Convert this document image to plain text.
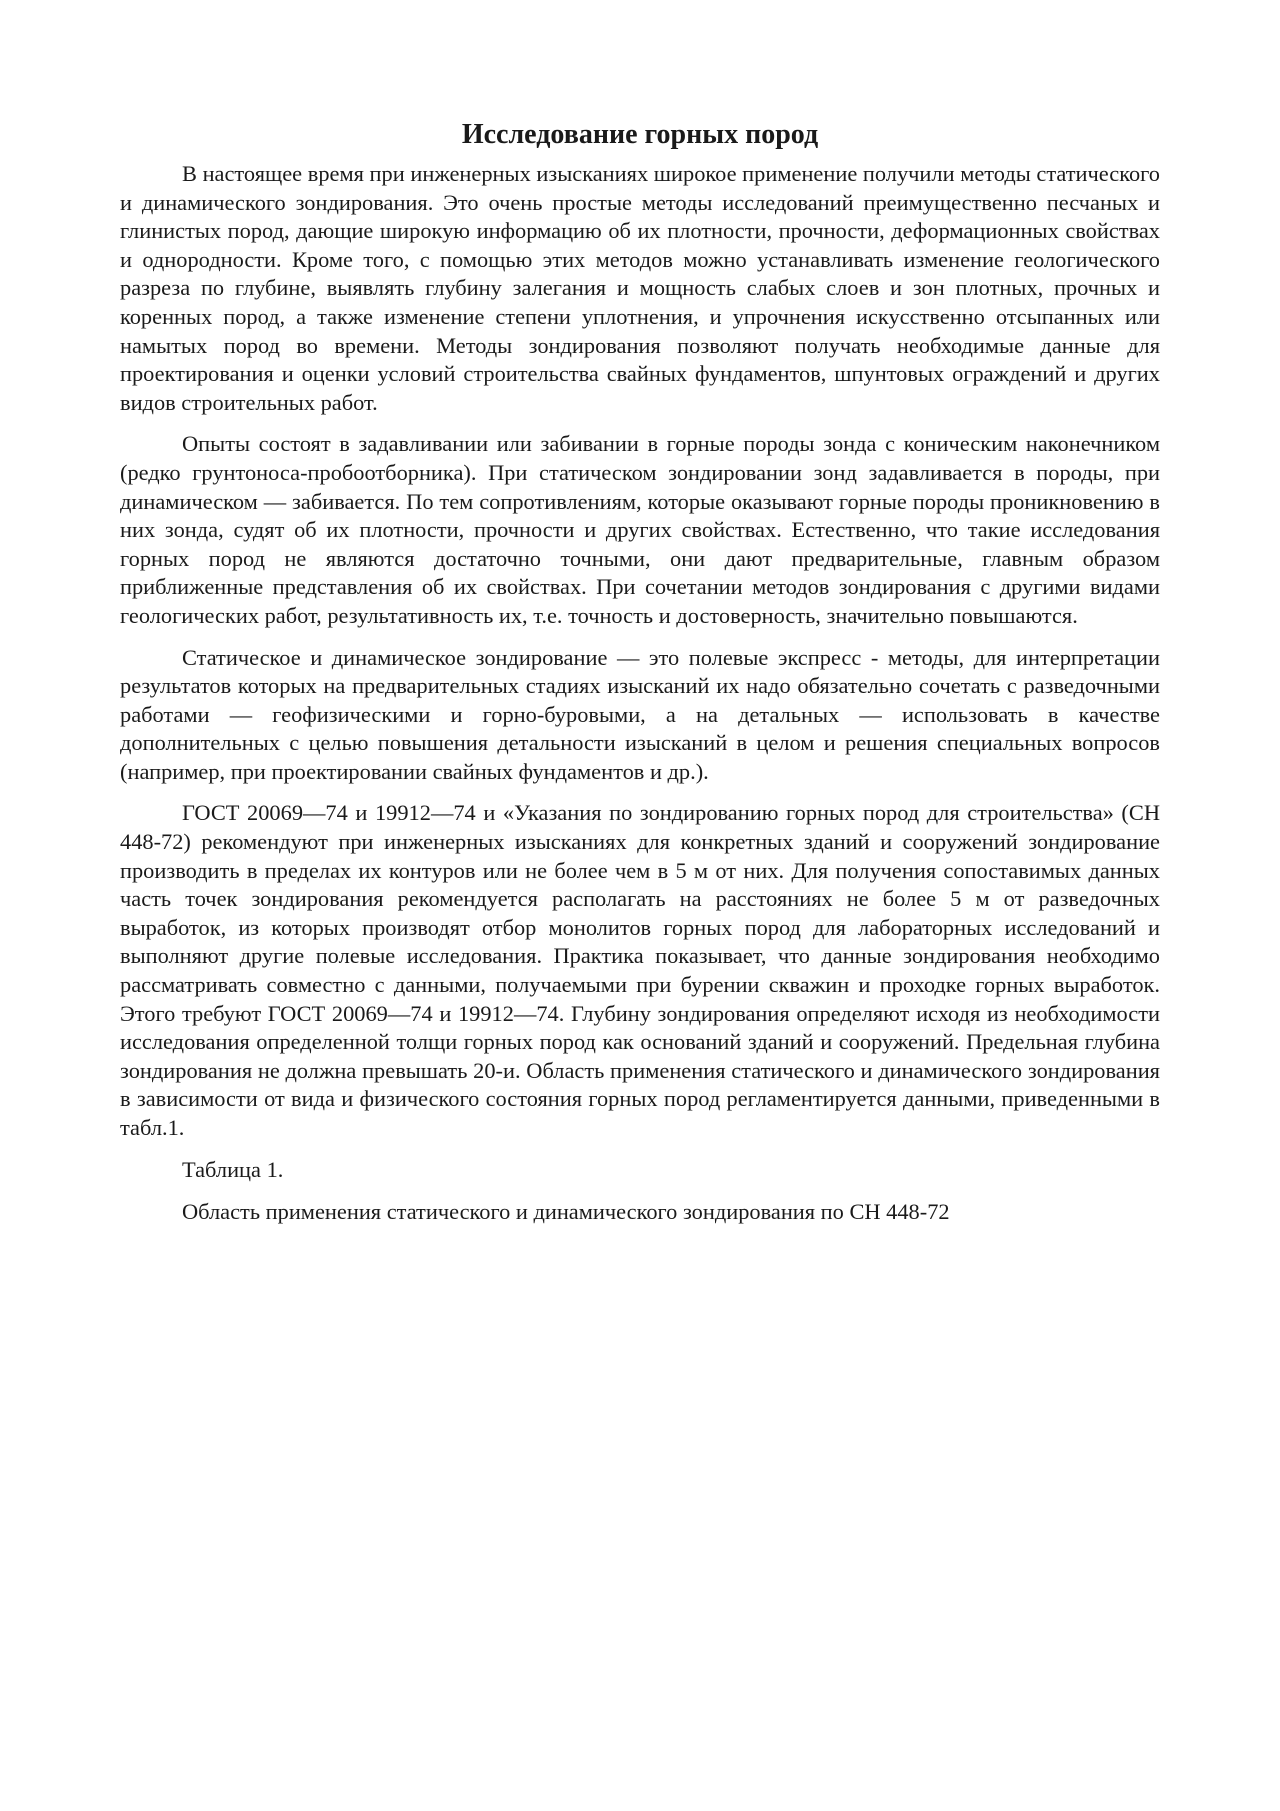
Исследование горных пород

В настоящее время при инженерных изысканиях широкое применение получили методы статического и динамического зондирования. Это очень простые методы исследований преимущественно песчаных и глинистых пород, дающие широкую информацию об их плотности, прочности, деформационных свойствах и однородности. Кроме того, с помощью этих методов можно устанавливать изменение геологического разреза по глубине, выявлять глубину залегания и мощность слабых слоев и зон плотных, прочных и коренных пород, а также изменение степени уплотнения, и упрочнения искусственно отсыпанных или намытых пород во времени. Методы зондирования позволяют получать необходимые данные для проектирования и оценки условий строительства свайных фундаментов, шпунтовых ограждений и других видов строительных работ.

Опыты состоят в задавливании или забивании в горные породы зонда с коническим наконечником (редко грунтоноса-пробоотборника). При статическом зондировании зонд задавливается в породы, при динамическом — забивается. По тем сопротивлениям, которые оказывают горные породы проникновению в них зонда, судят об их плотности, прочности и других свойствах. Естественно, что такие исследования горных пород не являются достаточно точными, они дают предварительные, главным образом приближенные представления об их свойствах. При сочетании методов зондирования с другими видами геологических работ, результативность их, т.е. точность и достоверность, значительно повышаются.

Статическое и динамическое зондирование — это полевые экспресс - методы, для интерпретации результатов которых на предварительных стадиях изысканий их надо обязательно сочетать с разведочными работами — геофизическими и горно-буровыми, а на детальных — использовать в качестве дополнительных с целью повышения детальности изысканий в целом и решения специальных вопросов (например, при проектировании свайных фундаментов и др.).

ГОСТ 20069—74 и 19912—74 и «Указания по зондированию горных пород для строительства» (СН 448-72) рекомендуют при инженерных изысканиях для конкретных зданий и сооружений зондирование производить в пределах их контуров или не более чем в 5 м от них. Для получения сопоставимых данных часть точек зондирования рекомендуется располагать на расстояниях не более 5 м от разведочных выработок, из которых производят отбор монолитов горных пород для лабораторных исследований и выполняют другие полевые исследования. Практика показывает, что данные зондирования необходимо рассматривать совместно с данными, получаемыми при бурении скважин и проходке горных выработок. Этого требуют ГОСТ 20069—74 и 19912—74. Глубину зондирования определяют исходя из необходимости исследования определенной толщи горных пород как оснований зданий и сооружений. Предельная глубина зондирования не должна превышать 20-и. Область применения статического и динамического зондирования в зависимости от вида и физического состояния горных пород регламентируется данными, приведенными в табл.1.

Таблица 1.

Область применения статического и динамического зондирования по СН 448-72
